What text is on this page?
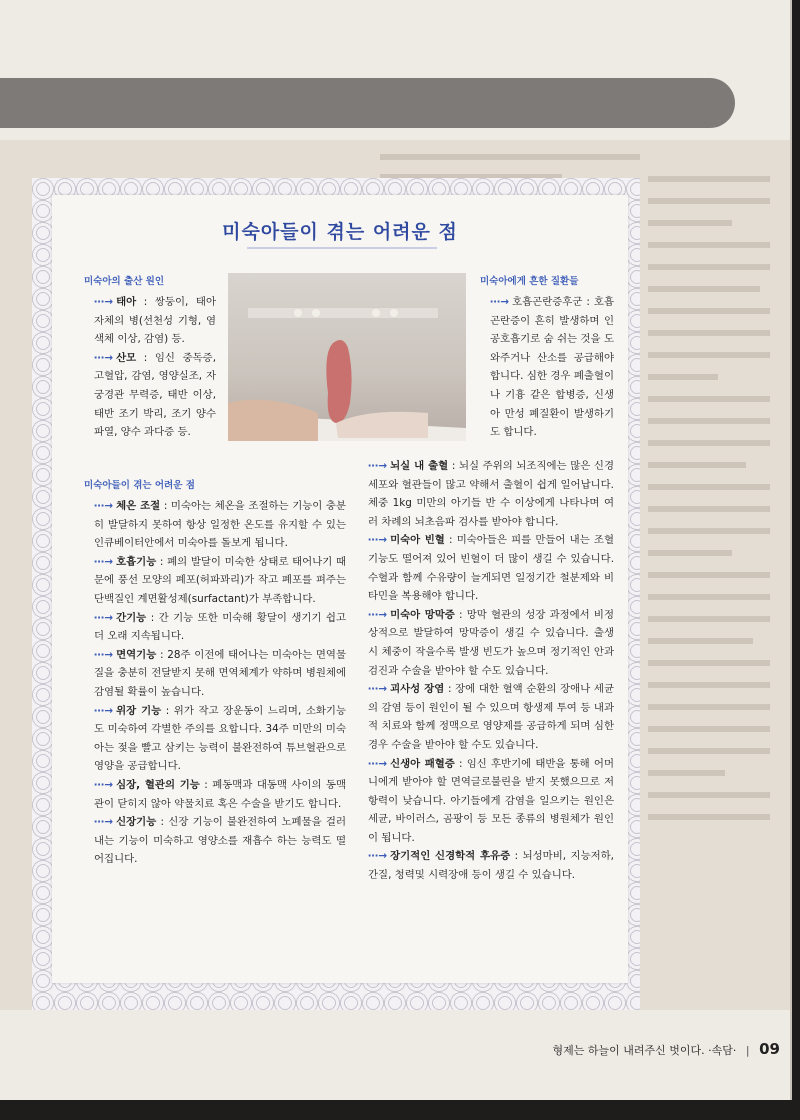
미숙아들이 겪는 어려운 점
미숙아의 출산 원인

⋯→ 태아 : 쌍둥이, 태아 자체의 병(선천성 기형, 염색체 이상, 감염) 등.

⋯→ 산모 : 임신 중독증, 고혈압, 감염, 영양실조, 자궁경관 무력증, 태반 이상, 태반 조기 박리, 조기 양수 파열, 양수 과다증 등.

미숙아에게 흔한 질환들

⋯→ 호흡곤란증후군 : 호흡곤란증이 흔히 발생하며 인공호흡기로 숨 쉬는 것을 도와주거나 산소를 공급해야 합니다. 심한 경우 폐출혈이나 기흉 같은 합병증, 신생아 만성 폐질환이 발생하기도 합니다.

미숙아들이 겪는 어려운 점

⋯→ 체온 조절 : 미숙아는 체온을 조절하는 기능이 충분히 발달하지 못하여 항상 일정한 온도를 유지할 수 있는 인큐베이터안에서 미숙아를 돌보게 됩니다.

⋯→ 호흡기능 : 폐의 발달이 미숙한 상태로 태어나기 때문에 풍선 모양의 폐포(허파꽈리)가 작고 폐포를 펴주는 단백질인 계면활성제(surfactant)가 부족합니다.

⋯→ 간기능 : 간 기능 또한 미숙해 황달이 생기기 쉽고 더 오래 지속됩니다.

⋯→ 면역기능 : 28주 이전에 태어나는 미숙아는 면역물질을 충분히 전달받지 못해 면역체계가 약하며 병원체에 감염될 확률이 높습니다.

⋯→ 위장 기능 : 위가 작고 장운동이 느리며, 소화기능도 미숙하여 각별한 주의를 요합니다. 34주 미만의 미숙아는 젖을 빨고 삼키는 능력이 불완전하여 튜브혈관으로 영양을 공급합니다.

⋯→ 심장, 혈관의 기능 : 폐동맥과 대동맥 사이의 동맥관이 닫히지 않아 약물치료 혹은 수술을 받기도 합니다.

⋯→ 신장기능 : 신장 기능이 불완전하여 노폐물을 걸러내는 기능이 미숙하고 영양소를 재흡수 하는 능력도 떨어집니다.

⋯→ 뇌실 내 출혈 : 뇌실 주위의 뇌조직에는 많은 신경 세포와 혈관들이 많고 약해서 출혈이 쉽게 일어납니다. 체중 1kg 미만의 아기들 반 수 이상에게 나타나며 여러 차례의 뇌초음파 검사를 받아야 합니다.

⋯→ 미숙아 빈혈 : 미숙아들은 피를 만들어 내는 조혈기능도 떨어져 있어 빈혈이 더 많이 생길 수 있습니다. 수혈과 함께 수유량이 늘게되면 일정기간 철분제와 비타민을 복용해야 합니다.

⋯→ 미숙아 망막증 : 망막 혈관의 성장 과정에서 비정상적으로 발달하여 망막증이 생길 수 있습니다. 출생 시 체중이 작을수록 발생 빈도가 높으며 정기적인 안과검진과 수술을 받아야 할 수도 있습니다.

⋯→ 괴사성 장염 : 장에 대한 혈액 순환의 장애나 세균의 감염 등이 원인이 될 수 있으며 항생제 투여 등 내과적 치료와 함께 정맥으로 영양제를 공급하게 되며 심한 경우 수술을 받아야 할 수도 있습니다.

⋯→ 신생아 패혈증 : 임신 후반기에 태반을 통해 어머니에게 받아야 할 면역글로불린을 받지 못했으므로 저항력이 낮습니다. 아기들에게 감염을 일으키는 원인은 세균, 바이러스, 곰팡이 등 모든 종류의 병원체가 원인이 됩니다.

⋯→ 장기적인 신경학적 후유증 : 뇌성마비, 지능저하, 간질, 청력및 시력장애 등이 생길 수 있습니다.

형제는 하늘이 내려주신 벗이다. ·속담· | 09
